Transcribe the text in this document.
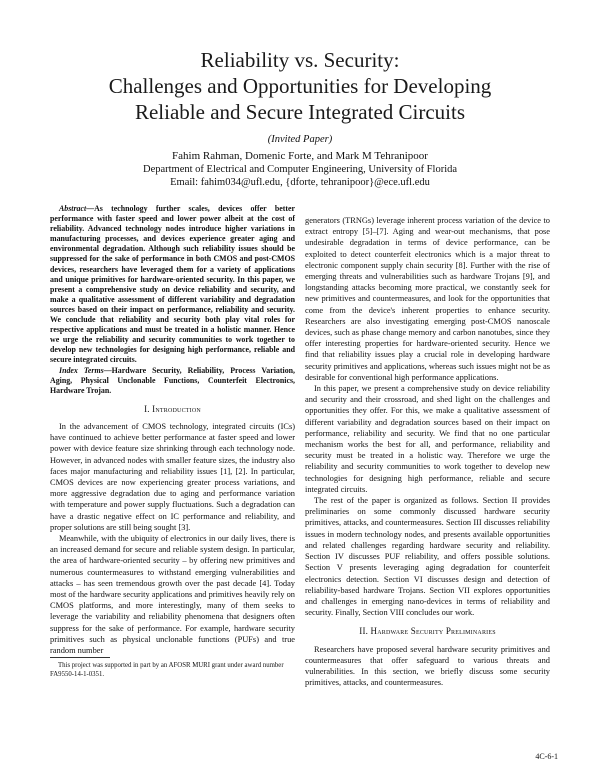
Reliability vs. Security:
Challenges and Opportunities for Developing
Reliable and Secure Integrated Circuits
(Invited Paper)
Fahim Rahman, Domenic Forte, and Mark M Tehranipoor
Department of Electrical and Computer Engineering, University of Florida
Email: fahim034@ufl.edu, {dforte, tehranipoor}@ece.ufl.edu

Abstract—As technology further scales, devices offer better performance with faster speed and lower power albeit at the cost of reliability. Advanced technology nodes introduce higher variations in manufacturing processes, and devices experience greater aging and environmental degradation. Although such reliability issues should be suppressed for the sake of performance in both CMOS and post-CMOS devices, researchers have leveraged them for a variety of applications and unique primitives for hardware-oriented security. In this paper, we present a comprehensive study on device reliability and security, and make a qualitative assessment of different variability and degradation sources based on their impact on performance, reliability and security. We conclude that reliability and security both play vital roles for respective applications and must be treated in a holistic manner. Hence we urge the reliability and security communities to work together to develop new technologies for designing high performance, reliable and secure integrated circuits.

Index Terms—Hardware Security, Reliability, Process Variation, Aging, Physical Unclonable Functions, Counterfeit Electronics, Hardware Trojan.

I. Introduction

In the advancement of CMOS technology, integrated circuits (ICs) have continued to achieve better performance at faster speed and lower power with device feature size shrinking through each technology node. However, in advanced nodes with smaller feature sizes, the industry also faces major manufacturing and reliability issues [1], [2]. In particular, CMOS devices are now experiencing greater process variations, and more aggressive degradation due to aging and performance variation with temperature and power supply fluctuations. Such a degradation can have a drastic negative effect on IC performance and reliability, and proper solutions are still being sought [3].

Meanwhile, with the ubiquity of electronics in our daily lives, there is an increased demand for secure and reliable system design. In particular, the area of hardware-oriented security – by offering new primitives and numerous countermeasures to withstand emerging vulnerabilities and attacks – has seen tremendous growth over the past decade [4]. Today most of the hardware security applications and primitives heavily rely on CMOS platforms, and more interestingly, many of them seeks to leverage the variability and reliability phenomena that designers often suppress for the sake of performance. For example, hardware security primitives such as physical unclonable functions (PUFs) and true random number

generators (TRNGs) leverage inherent process variation of the device to extract entropy [5]–[7]. Aging and wear-out mechanisms, that pose undesirable degradation in terms of device performance, can be exploited to detect counterfeit electronics which is a major threat to electronic component supply chain security [8]. Further with the rise of emerging threats and vulnerabilities such as hardware Trojans [9], and longstanding attacks becoming more practical, we constantly seek for new primitives and countermeasures, and look for the opportunities that come from the device's inherent properties to enhance security. Researchers are also investigating emerging post-CMOS nanoscale devices, such as phase change memory and carbon nanotubes, since they offer interesting properties for hardware-oriented security. Hence we find that reliability issues play a crucial role in developing hardware security primitives and applications, whereas such issues might not be as desirable for conventional high performance applications.

In this paper, we present a comprehensive study on device reliability and security and their crossroad, and shed light on the challenges and opportunities they offer. For this, we make a qualitative assessment of different variability and degradation sources based on their impact on performance, reliability and security. We find that no one particular mechanism works the best for all, and performance, reliability and security must be treated in a holistic way. Therefore we urge the reliability and security communities to work together to develop new technologies for designing high performance, reliable and secure integrated circuits.

The rest of the paper is organized as follows. Section II provides preliminaries on some commonly discussed hardware security primitives, attacks, and countermeasures. Section III discusses reliability issues in modern technology nodes, and presents available opportunities and related challenges regarding hardware security and reliability. Section IV discusses PUF reliability, and offers possible solutions. Section V presents leveraging aging degradation for counterfeit electronics detection. Section VI discusses design and detection of reliability-based hardware Trojans. Section VII explores opportunities and challenges in emerging nano-devices in terms of reliability and security. Finally, Section VIII concludes our work.

II. Hardware Security Preliminaries

Researchers have proposed several hardware security primitives and countermeasures that offer safeguard to various threats and vulnerabilities. In this section, we briefly discuss some security primitives, attacks, and countermeasures.

This project was supported in part by an AFOSR MURI grant under award number FA9550-14-1-0351.
4C-6-1
